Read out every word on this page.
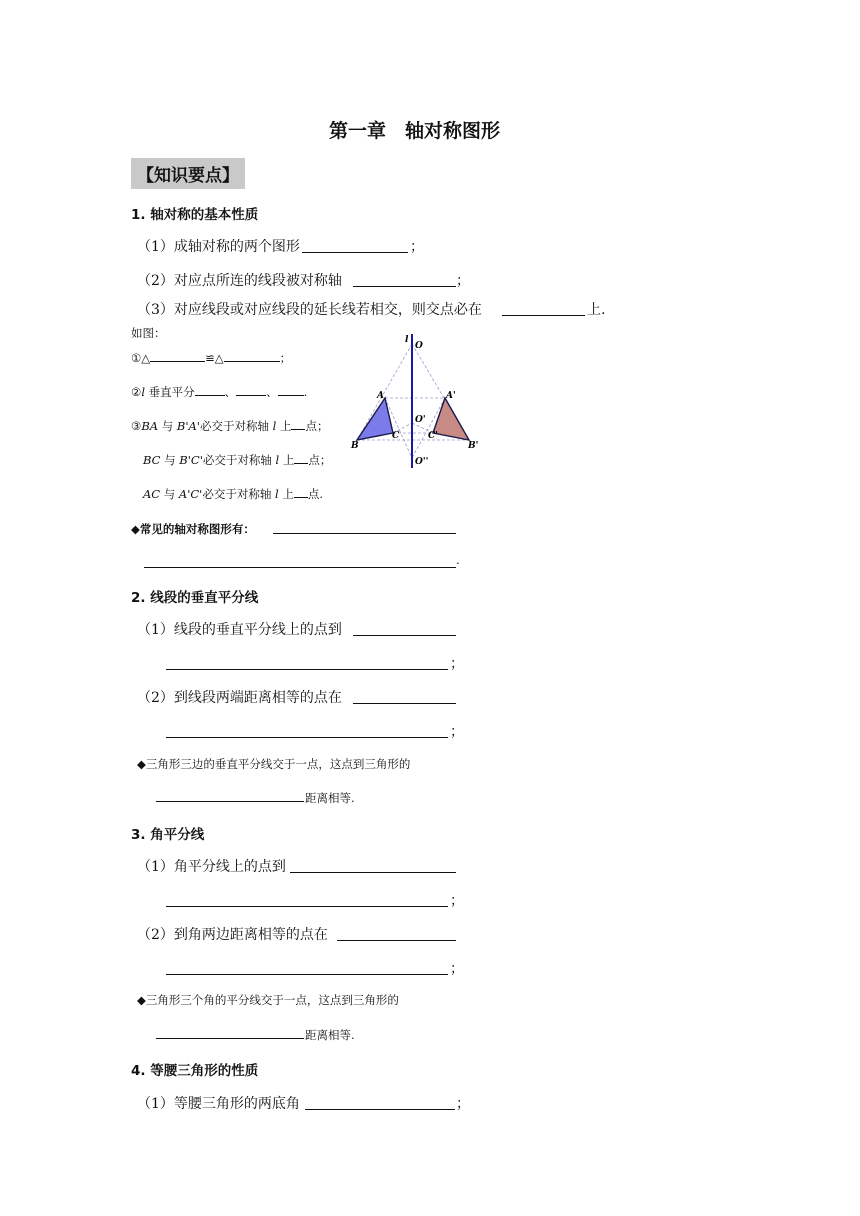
第一章　轴对称图形
【知识要点】
1. 轴对称的基本性质
（1）成轴对称的两个图形	；
（2）对应点所连的线段被对称轴	；
（3）对应线段或对应线段的延长线若相交，则交点必在	上.
如图：
①△	≌△	；
②l 垂直平分	、	、 .
③BA 与 B'A'必交于对称轴 l 上 点；
BC 与 B'C'必交于对称轴 l 上 点；
AC 与 A'C'必交于对称轴 l 上 点.
l
O
A	A'
O'
B
C	C'
B'
O''
◆常见的轴对称图形有：
.
2. 线段的垂直平分线
（1）线段的垂直平分线上的点到
；
（2）到线段两端距离相等的点在
；
◆三角形三边的垂直平分线交于一点，这点到三角形的
距离相等.
3. 角平分线
（1）角平分线上的点到
；
（2）到角两边距离相等的点在
；
◆三角形三个角的平分线交于一点，这点到三角形的
距离相等.
4. 等腰三角形的性质
（1）等腰三角形的两底角	；
